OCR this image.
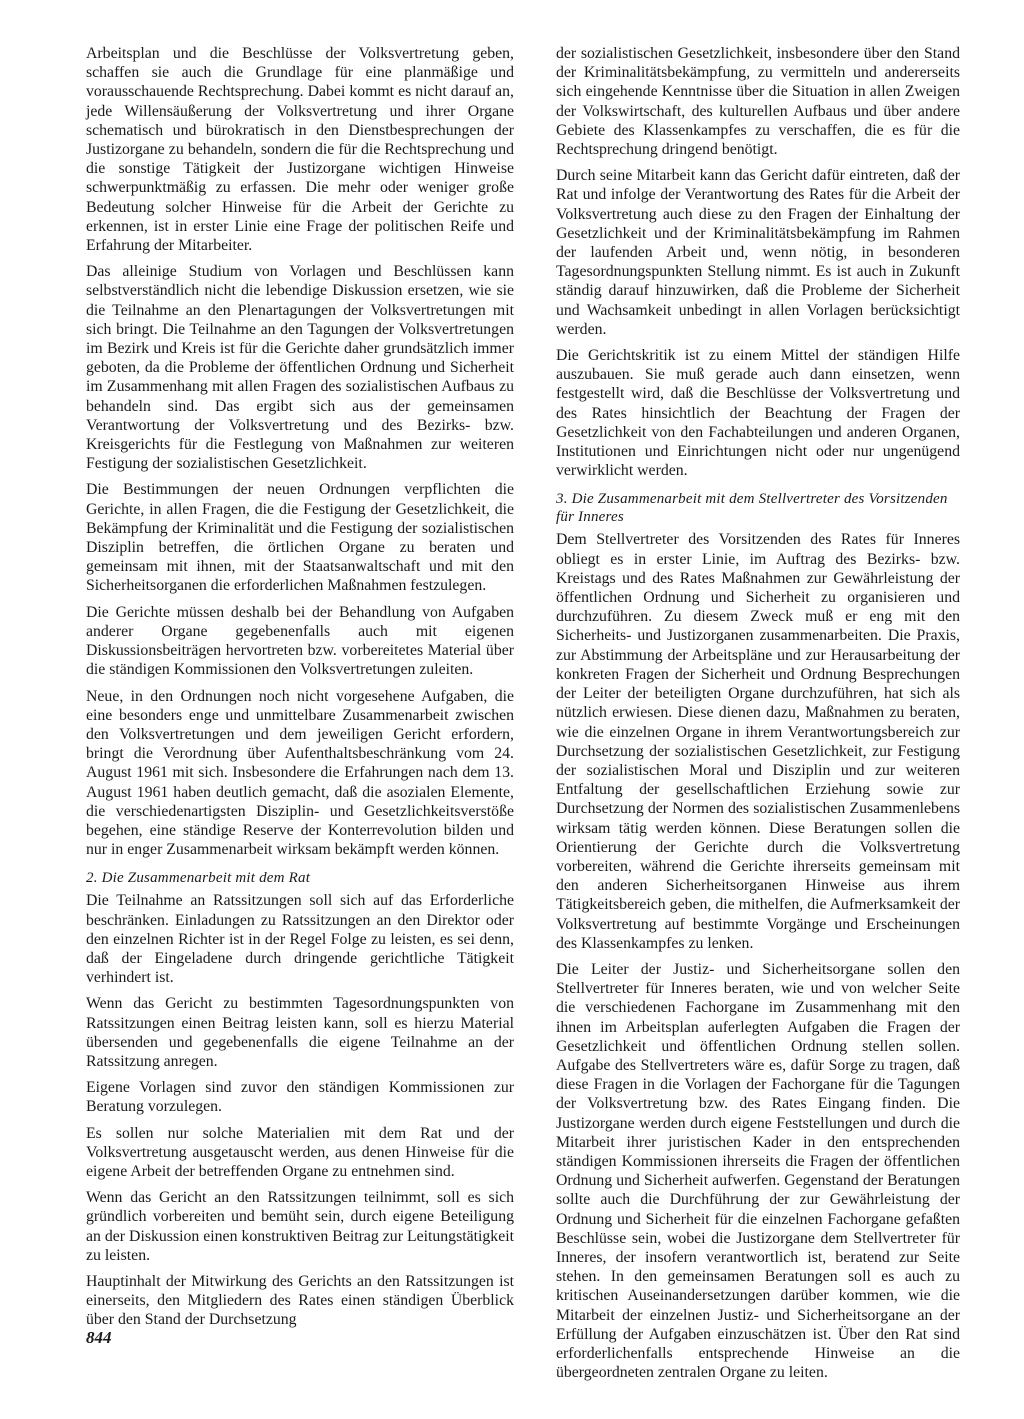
Arbeitsplan und die Beschlüsse der Volksvertretung geben, schaffen sie auch die Grundlage für eine planmäßige und vorausschauende Rechtsprechung. Dabei kommt es nicht darauf an, jede Willensäußerung der Volksvertretung und ihrer Organe schematisch und bürokratisch in den Dienstbesprechungen der Justizorgane zu behandeln, sondern die für die Rechtsprechung und die sonstige Tätigkeit der Justizorgane wichtigen Hinweise schwerpunktmäßig zu erfassen. Die mehr oder weniger große Bedeutung solcher Hinweise für die Arbeit der Gerichte zu erkennen, ist in erster Linie eine Frage der politischen Reife und Erfahrung der Mitarbeiter.

Das alleinige Studium von Vorlagen und Beschlüssen kann selbstverständlich nicht die lebendige Diskussion ersetzen, wie sie die Teilnahme an den Plenartagungen der Volksvertretungen mit sich bringt. Die Teilnahme an den Tagungen der Volksvertretungen im Bezirk und Kreis ist für die Gerichte daher grundsätzlich immer geboten, da die Probleme der öffentlichen Ordnung und Sicherheit im Zusammenhang mit allen Fragen des sozialistischen Aufbaus zu behandeln sind. Das ergibt sich aus der gemeinsamen Verantwortung der Volksvertretung und des Bezirks- bzw. Kreisgerichts für die Festlegung von Maßnahmen zur weiteren Festigung der sozialistischen Gesetzlichkeit.

Die Bestimmungen der neuen Ordnungen verpflichten die Gerichte, in allen Fragen, die die Festigung der Gesetzlichkeit, die Bekämpfung der Kriminalität und die Festigung der sozialistischen Disziplin betreffen, die örtlichen Organe zu beraten und gemeinsam mit ihnen, mit der Staatsanwaltschaft und mit den Sicherheitsorganen die erforderlichen Maßnahmen festzulegen.

Die Gerichte müssen deshalb bei der Behandlung von Aufgaben anderer Organe gegebenenfalls auch mit eigenen Diskussionsbeiträgen hervortreten bzw. vorbereitetes Material über die ständigen Kommissionen den Volksvertretungen zuleiten.

Neue, in den Ordnungen noch nicht vorgesehene Aufgaben, die eine besonders enge und unmittelbare Zusammenarbeit zwischen den Volksvertretungen und dem jeweiligen Gericht erfordern, bringt die Verordnung über Aufenthaltsbeschränkung vom 24. August 1961 mit sich. Insbesondere die Erfahrungen nach dem 13. August 1961 haben deutlich gemacht, daß die asozialen Elemente, die verschiedenartigsten Disziplin- und Gesetzlichkeitsverstöße begehen, eine ständige Reserve der Konterrevolution bilden und nur in enger Zusammenarbeit wirksam bekämpft werden können.

2. Die Zusammenarbeit mit dem Rat

Die Teilnahme an Ratssitzungen soll sich auf das Erforderliche beschränken. Einladungen zu Ratssitzungen an den Direktor oder den einzelnen Richter ist in der Regel Folge zu leisten, es sei denn, daß der Eingeladene durch dringende gerichtliche Tätigkeit verhindert ist.

Wenn das Gericht zu bestimmten Tagesordnungspunkten von Ratssitzungen einen Beitrag leisten kann, soll es hierzu Material übersenden und gegebenenfalls die eigene Teilnahme an der Ratssitzung anregen.

Eigene Vorlagen sind zuvor den ständigen Kommissionen zur Beratung vorzulegen.

Es sollen nur solche Materialien mit dem Rat und der Volksvertretung ausgetauscht werden, aus denen Hinweise für die eigene Arbeit der betreffenden Organe zu entnehmen sind.

Wenn das Gericht an den Ratssitzungen teilnimmt, soll es sich gründlich vorbereiten und bemüht sein, durch eigene Beteiligung an der Diskussion einen konstruktiven Beitrag zur Leitungstätigkeit zu leisten.

Hauptinhalt der Mitwirkung des Gerichts an den Ratssitzungen ist einerseits, den Mitgliedern des Rates einen ständigen Überblick über den Stand der Durchsetzung

der sozialistischen Gesetzlichkeit, insbesondere über den Stand der Kriminalitätsbekämpfung, zu vermitteln und andererseits sich eingehende Kenntnisse über die Situation in allen Zweigen der Volkswirtschaft, des kulturellen Aufbaus und über andere Gebiete des Klassenkampfes zu verschaffen, die es für die Rechtsprechung dringend benötigt.

Durch seine Mitarbeit kann das Gericht dafür eintreten, daß der Rat und infolge der Verantwortung des Rates für die Arbeit der Volksvertretung auch diese zu den Fragen der Einhaltung der Gesetzlichkeit und der Kriminalitätsbekämpfung im Rahmen der laufenden Arbeit und, wenn nötig, in besonderen Tagesordnungspunkten Stellung nimmt. Es ist auch in Zukunft ständig darauf hinzuwirken, daß die Probleme der Sicherheit und Wachsamkeit unbedingt in allen Vorlagen berücksichtigt werden.

Die Gerichtskritik ist zu einem Mittel der ständigen Hilfe auszubauen. Sie muß gerade auch dann einsetzen, wenn festgestellt wird, daß die Beschlüsse der Volksvertretung und des Rates hinsichtlich der Beachtung der Fragen der Gesetzlichkeit von den Fachabteilungen und anderen Organen, Institutionen und Einrichtungen nicht oder nur ungenügend verwirklicht werden.

3. Die Zusammenarbeit mit dem Stellvertreter des Vorsitzenden für Inneres

Dem Stellvertreter des Vorsitzenden des Rates für Inneres obliegt es in erster Linie, im Auftrag des Bezirks- bzw. Kreistags und des Rates Maßnahmen zur Gewährleistung der öffentlichen Ordnung und Sicherheit zu organisieren und durchzuführen. Zu diesem Zweck muß er eng mit den Sicherheits- und Justizorganen zusammenarbeiten. Die Praxis, zur Abstimmung der Arbeitspläne und zur Herausarbeitung der konkreten Fragen der Sicherheit und Ordnung Besprechungen der Leiter der beteiligten Organe durchzuführen, hat sich als nützlich erwiesen. Diese dienen dazu, Maßnahmen zu beraten, wie die einzelnen Organe in ihrem Verantwortungsbereich zur Durchsetzung der sozialistischen Gesetzlichkeit, zur Festigung der sozialistischen Moral und Disziplin und zur weiteren Entfaltung der gesellschaftlichen Erziehung sowie zur Durchsetzung der Normen des sozialistischen Zusammenlebens wirksam tätig werden können. Diese Beratungen sollen die Orientierung der Gerichte durch die Volksvertretung vorbereiten, während die Gerichte ihrerseits gemeinsam mit den anderen Sicherheitsorganen Hinweise aus ihrem Tätigkeitsbereich geben, die mithelfen, die Aufmerksamkeit der Volksvertretung auf bestimmte Vorgänge und Erscheinungen des Klassenkampfes zu lenken.

Die Leiter der Justiz- und Sicherheitsorgane sollen den Stellvertreter für Inneres beraten, wie und von welcher Seite die verschiedenen Fachorgane im Zusammenhang mit den ihnen im Arbeitsplan auferlegten Aufgaben die Fragen der Gesetzlichkeit und öffentlichen Ordnung stellen sollen. Aufgabe des Stellvertreters wäre es, dafür Sorge zu tragen, daß diese Fragen in die Vorlagen der Fachorgane für die Tagungen der Volksvertretung bzw. des Rates Eingang finden. Die Justizorgane werden durch eigene Feststellungen und durch die Mitarbeit ihrer juristischen Kader in den entsprechenden ständigen Kommissionen ihrerseits die Fragen der öffentlichen Ordnung und Sicherheit aufwerfen. Gegenstand der Beratungen sollte auch die Durchführung der zur Gewährleistung der Ordnung und Sicherheit für die einzelnen Fachorgane gefaßten Beschlüsse sein, wobei die Justizorgane dem Stellvertreter für Inneres, der insofern verantwortlich ist, beratend zur Seite stehen. In den gemeinsamen Beratungen soll es auch zu kritischen Auseinandersetzungen darüber kommen, wie die Mitarbeit der einzelnen Justiz- und Sicherheitsorgane an der Erfüllung der Aufgaben einzuschätzen ist. Über den Rat sind erforderlichenfalls entsprechende Hinweise an die übergeordneten zentralen Organe zu leiten.

844
